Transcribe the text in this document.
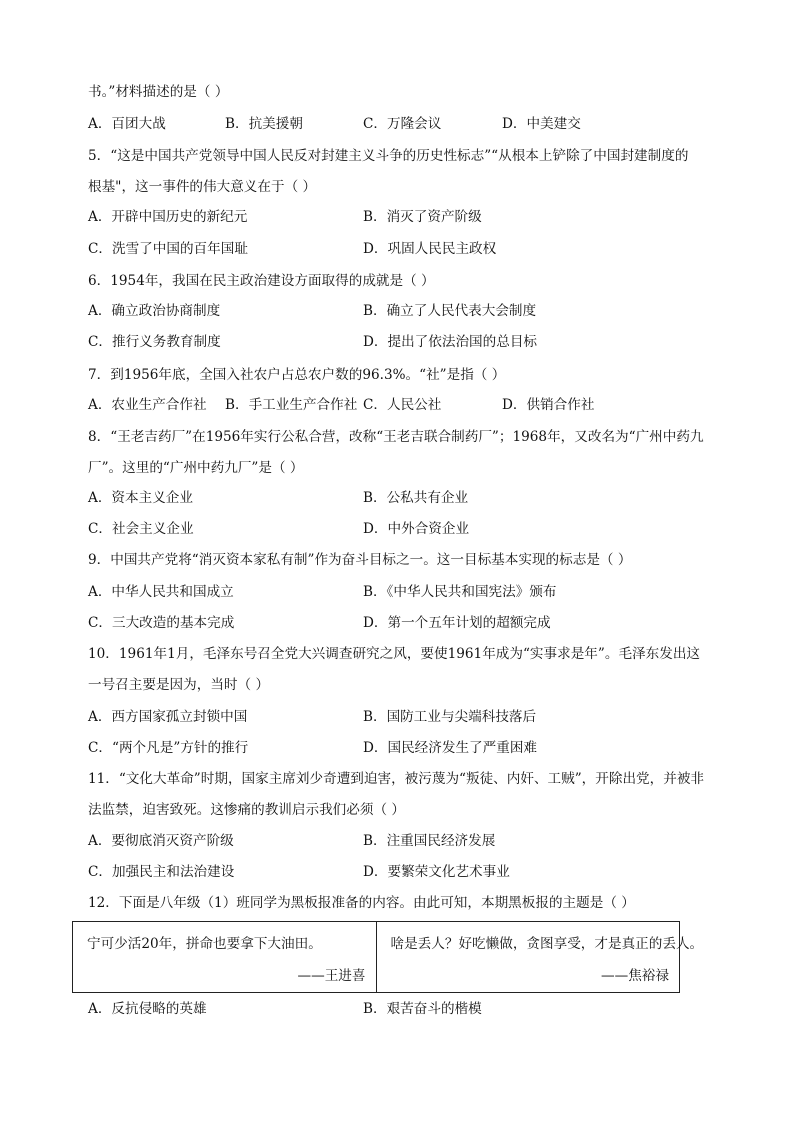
书。”材料描述的是（ ）
5．“这是中国共产党领导中国人民反对封建主义斗争的历史性标志”“从根本上铲除了中国封建制度的
根基"，这一事件的伟大意义在于（ ）
6．1954年，我国在民主政治建设方面取得的成就是（ ）
7．到1956年底，全国入社农户占总农户数的96.3%。“社”是指（ ）
8．“王老吉药厂”在1956年实行公私合营，改称“王老吉联合制药厂”；1968年，又改名为“广州中药九
厂”。这里的“广州中药九厂”是（ ）
9．中国共产党将“消灭资本家私有制”作为奋斗目标之一。这一目标基本实现的标志是（ ）
10．1961年1月，毛泽东号召全党大兴调查研究之风，要使1961年成为“实事求是年”。毛泽东发出这
一号召主要是因为，当时（ ）
11．“文化大革命”时期，国家主席刘少奇遭到迫害，被污蔑为“叛徒、内奸、工贼”，开除出党，并被非
法监禁，迫害致死。这惨痛的教训启示我们必须（ ）
12．下面是八年级（1）班同学为黑板报准备的内容。由此可知，本期黑板报的主题是（ ）
A．百团大战	B．抗美援朝	C．万隆会议	D．中美建交
A．开辟中国历史的新纪元	B．消灭了资产阶级
C．洗雪了中国的百年国耻	D．巩固人民民主政权
A．确立政治协商制度	B．确立了人民代表大会制度
C．推行义务教育制度	D．提出了依法治国的总目标
A．农业生产合作社 B．手工业生产合作社 C．人民公社	D．供销合作社
A．资本主义企业	B．公私共有企业
C．社会主义企业	D．中外合资企业
A．中华人民共和国成立	B．《中华人民共和国宪法》颁布
C．三大改造的基本完成	D．第一个五年计划的超额完成
A．西方国家孤立封锁中国	B．国防工业与尖端科技落后
C．“两个凡是”方针的推行	D．国民经济发生了严重困难
A．要彻底消灭资产阶级	B．注重国民经济发展
C．加强民主和法治建设	D．要繁荣文化艺术事业
A．反抗侵略的英雄	B．艰苦奋斗的楷模
宁可少活20年，拼命也要拿下大油田。
——王进喜
啥是丢人？好吃懒做，贪图享受，才是真正的丢人。
——焦裕禄
